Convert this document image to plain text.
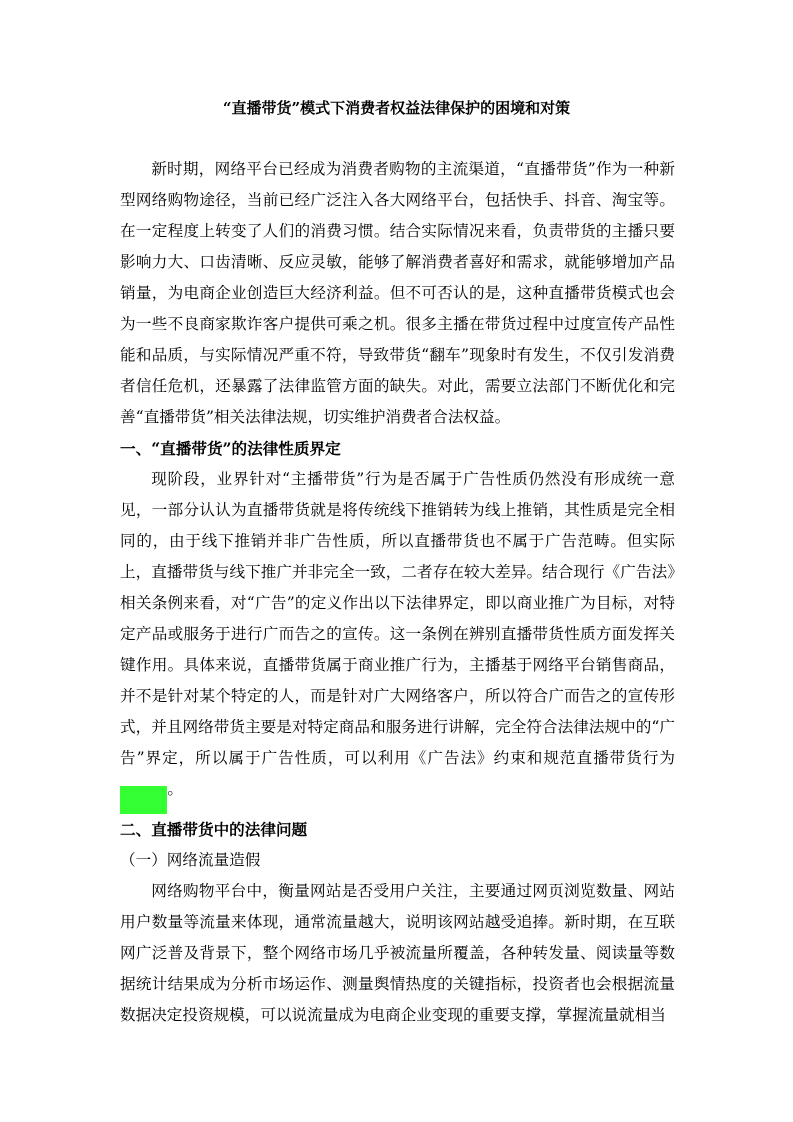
“直播带货”模式下消费者权益法律保护的困境和对策

新时期，网络平台已经成为消费者购物的主流渠道，“直播带货”作为一种新型网络购物途径，当前已经广泛注入各大网络平台，包括快手、抖音、淘宝等。在一定程度上转变了人们的消费习惯。结合实际情况来看，负责带货的主播只要影响力大、口齿清晰、反应灵敏，能够了解消费者喜好和需求，就能够增加产品销量，为电商企业创造巨大经济利益。但不可否认的是，这种直播带货模式也会为一些不良商家欺诈客户提供可乘之机。很多主播在带货过程中过度宣传产品性能和品质，与实际情况严重不符，导致带货“翻车”现象时有发生，不仅引发消费者信任危机，还暴露了法律监管方面的缺失。对此，需要立法部门不断优化和完善“直播带货”相关法律法规，切实维护消费者合法权益。

一、“直播带货”的法律性质界定

现阶段，业界针对“主播带货”行为是否属于广告性质仍然没有形成统一意见，一部分认认为直播带货就是将传统线下推销转为线上推销，其性质是完全相同的，由于线下推销并非广告性质，所以直播带货也不属于广告范畴。但实际上，直播带货与线下推广并非完全一致，二者存在较大差异。结合现行《广告法》相关条例来看，对“广告”的定义作出以下法律界定，即以商业推广为目标，对特定产品或服务于进行广而告之的宣传。这一条例在辨别直播带货性质方面发挥关键作用。具体来说，直播带货属于商业推广行为，主播基于网络平台销售商品，并不是针对某个特定的人，而是针对广大网络客户，所以符合广而告之的宣传形式，并且网络带货主要是对特定商品和服务进行讲解，完全符合法律法规中的“广告”界定，所以属于广告性质，可以利用《广告法》约束和规范直播带货行为[1]。

二、直播带货中的法律问题

（一）网络流量造假

网络购物平台中，衡量网站是否受用户关注，主要通过网页浏览数量、网站用户数量等流量来体现，通常流量越大，说明该网站越受追捧。新时期，在互联网广泛普及背景下，整个网络市场几乎被流量所覆盖，各种转发量、阅读量等数据统计结果成为分析市场运作、测量舆情热度的关键指标，投资者也会根据流量数据决定投资规模，可以说流量成为电商企业变现的重要支撑，掌握流量就相当
